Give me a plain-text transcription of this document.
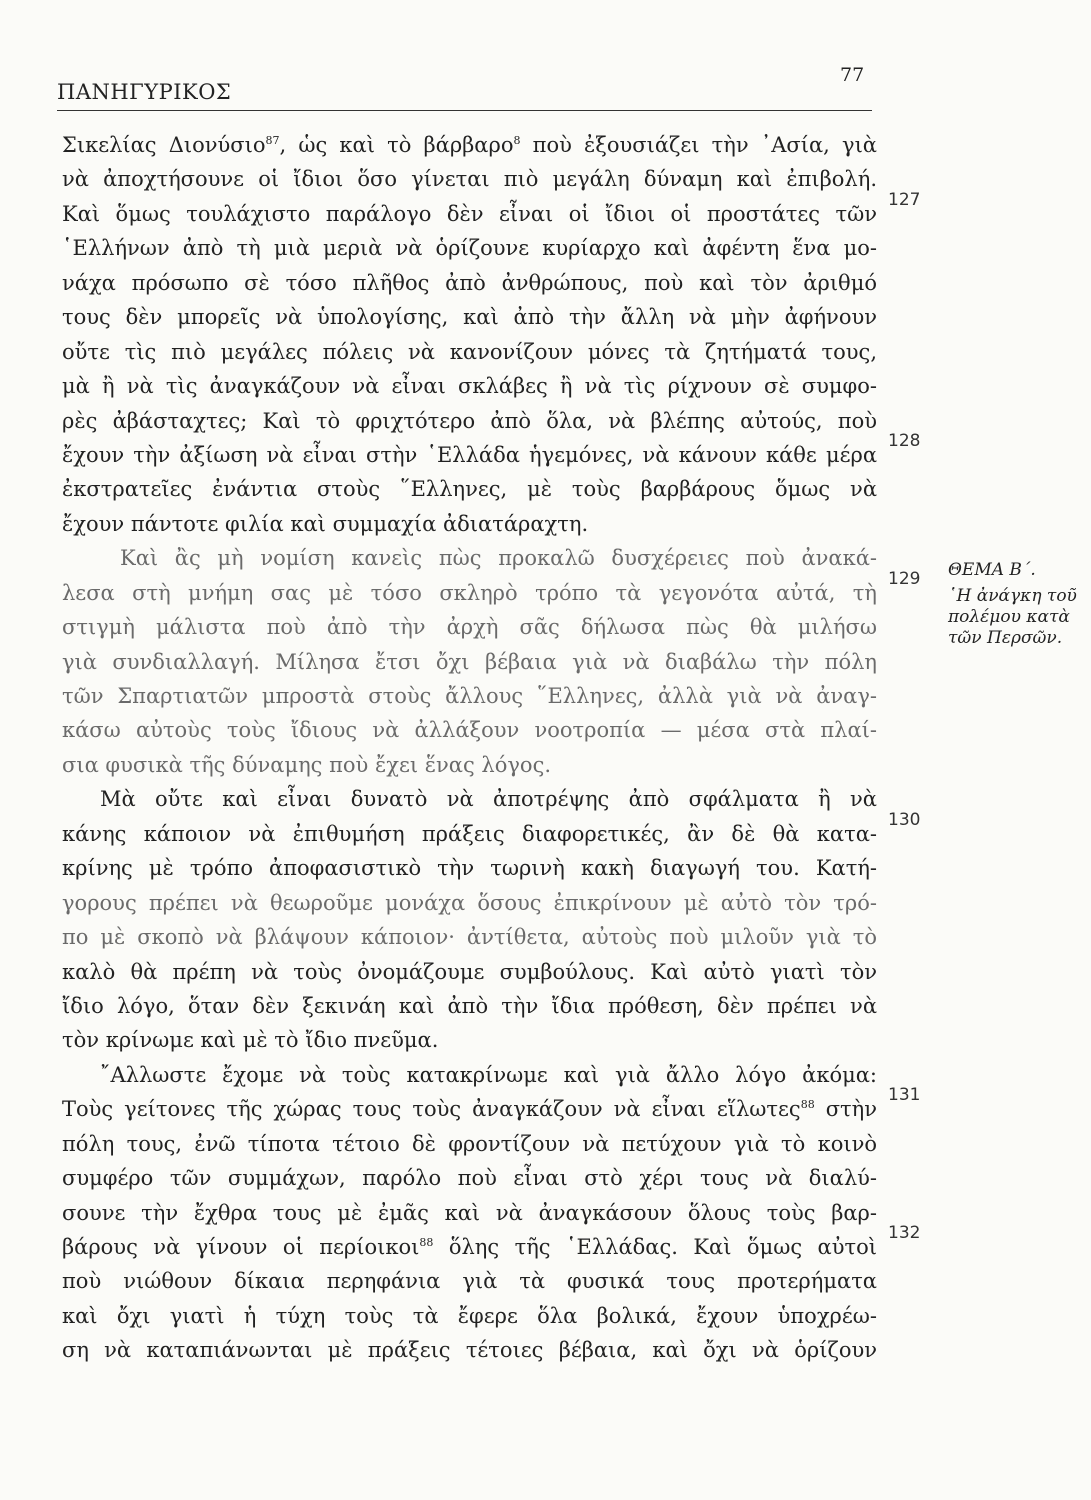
ΠΑΝΗΓΥΡΙΚΟΣ
77
Σικελίας Διονύσιο$^{87}$, ὡς καὶ τὸ βάρβαρο$^8$ ποὺ ἐξουσιάζει τὴν ᾿Ασία, γιὰ
νὰ ἀποχτήσουνε οἱ ἴδιοι ὅσο γίνεται πιὸ μεγάλη δύναμη καὶ ἐπιβολή.
Καὶ ὅμως τουλάχιστο παράλογο δὲν εἶναι οἱ ἴδιοι οἱ προστάτες τῶν
῾Ελλήνων ἀπὸ τὴ μιὰ μεριὰ νὰ ὁρίζουνε κυρίαρχο καὶ ἀφέντη ἕνα μο-
νάχα πρόσωπο σὲ τόσο πλῆθος ἀπὸ ἀνθρώπους, ποὺ καὶ τὸν ἀριθμό
τους δὲν μπορεῖς νὰ ὑπολογίσης, καὶ ἀπὸ τὴν ἄλλη νὰ μὴν ἀφήνουν
οὔτε τὶς πιὸ μεγάλες πόλεις νὰ κανονίζουν μόνες τὰ ζητήματά τους,
μὰ ἢ νὰ τὶς ἀναγκάζουν νὰ εἶναι σκλάβες ἢ νὰ τὶς ρίχνουν σὲ συμφο-
ρὲς ἀβάσταχτες; Καὶ τὸ φριχτότερο ἀπὸ ὅλα, νὰ βλέπης αὐτούς, ποὺ
ἔχουν τὴν ἀξίωση νὰ εἶναι στὴν ῾Ελλάδα ἡγεμόνες, νὰ κάνουν κάθε μέρα
ἐκστρατεῖες ἐνάντια στοὺς ῞Ελληνες, μὲ τοὺς βαρβάρους ὅμως νὰ
ἔχουν πάντοτε φιλία καὶ συμμαχία ἀδιατάραχτη.
Καὶ ἂς μὴ νομίση κανεὶς πὼς προκαλῶ δυσχέρειες ποὺ ἀνακά-
λεσα στὴ μνήμη σας μὲ τόσο σκληρὸ τρόπο τὰ γεγονότα αὐτά, τὴ
στιγμὴ μάλιστα ποὺ ἀπὸ τὴν ἀρχὴ σᾶς δήλωσα πὼς θὰ μιλήσω
γιὰ συνδιαλλαγή. Μίλησα ἔτσι ὄχι βέβαια γιὰ νὰ διαβάλω τὴν πόλη
τῶν Σπαρτιατῶν μπροστὰ στοὺς ἄλλους ῞Ελληνες, ἀλλὰ γιὰ νὰ ἀναγ-
κάσω αὐτοὺς τοὺς ἴδιους νὰ ἀλλάξουν νοοτροπία — μέσα στὰ πλαί-
σια φυσικὰ τῆς δύναμης ποὺ ἔχει ἕνας λόγος.
Μὰ οὔτε καὶ εἶναι δυνατὸ νὰ ἀποτρέψης ἀπὸ σφάλματα ἢ νὰ
κάνης κάποιον νὰ ἐπιθυμήση πράξεις διαφορετικές, ἂν δὲ θὰ κατα-
κρίνης μὲ τρόπο ἀποφασιστικὸ τὴν τωρινὴ κακὴ διαγωγή του. Κατή-
γορους πρέπει νὰ θεωροῦμε μονάχα ὅσους ἐπικρίνουν μὲ αὐτὸ τὸν τρό-
πο μὲ σκοπὸ νὰ βλάψουν κάποιον· ἀντίθετα, αὐτοὺς ποὺ μιλοῦν γιὰ τὸ
καλὸ θὰ πρέπη νὰ τοὺς ὀνομάζουμε συμβούλους. Καὶ αὐτὸ γιατὶ τὸν
ἴδιο λόγο, ὅταν δὲν ξεκινάη καὶ ἀπὸ τὴν ἴδια πρόθεση, δὲν πρέπει νὰ
τὸν κρίνωμε καὶ μὲ τὸ ἴδιο πνεῦμα.
῎Αλλωστε ἔχομε νὰ τοὺς κατακρίνωμε καὶ γιὰ ἄλλο λόγο ἀκόμα:
Τοὺς γείτονες τῆς χώρας τους τοὺς ἀναγκάζουν νὰ εἶναι εἵλωτες$^{88}$ στὴν
πόλη τους, ἐνῶ τίποτα τέτοιο δὲ φροντίζουν νὰ πετύχουν γιὰ τὸ κοινὸ
συμφέρο τῶν συμμάχων, παρόλο ποὺ εἶναι στὸ χέρι τους νὰ διαλύ-
σουνε τὴν ἔχθρα τους μὲ ἐμᾶς καὶ νὰ ἀναγκάσουν ὅλους τοὺς βαρ-
βάρους νὰ γίνουν οἱ περίοικοι$^{88}$ ὅλης τῆς ῾Ελλάδας. Καὶ ὅμως αὐτοὶ
ποὺ νιώθουν δίκαια περηφάνια γιὰ τὰ φυσικά τους προτερήματα
καὶ ὄχι γιατὶ ἡ τύχη τοὺς τὰ ἔφερε ὅλα βολικά, ἔχουν ὑποχρέω-
ση νὰ καταπιάνωνται μὲ πράξεις τέτοιες βέβαια, καὶ ὄχι νὰ ὁρίζουν
127
128
129
130
131
132
ΘΕΜΑ Β΄.
῾Η ἀνάγκη τοῦ
πολέμου κατὰ
τῶν Περσῶν.
